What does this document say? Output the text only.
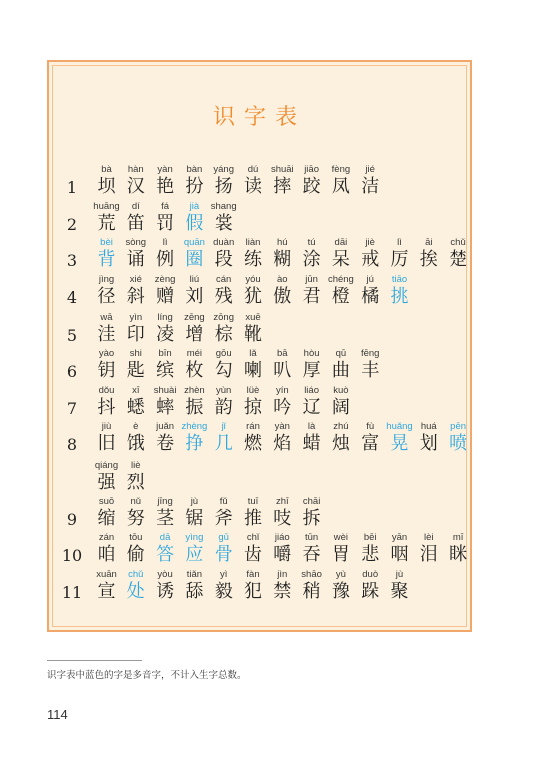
识字表
1
bà
坝
hàn
汉
yàn
艳
bàn
扮
yáng
扬
dú
读
shuāi
摔
jiāo
跤
fèng
凤
jié
洁
2
huāng
荒
dí
笛
fá
罚
jià
假
shang
裳
3
bèi
背
sòng
诵
lì
例
quān
圈
duàn
段
liàn
练
hú
糊
tú
涂
dāi
呆
jiè
戒
lì
厉
āi
挨
chǔ
楚
4
jìng
径
xié
斜
zèng
赠
liú
刘
cán
残
yóu
犹
ào
傲
jūn
君
chéng
橙
jú
橘
tiāo
挑
5
wā
洼
yìn
印
líng
凌
zēng
增
zōng
棕
xuē
靴
6
yào
钥
shi
匙
bīn
缤
méi
枚
gōu
勾
lǎ
喇
bā
叭
hòu
厚
qū
曲
fēng
丰
7
dǒu
抖
xī
蟋
shuài
蟀
zhèn
振
yùn
韵
lüè
掠
yín
吟
liáo
辽
kuò
阔
8
jiù
旧
è
饿
juǎn
卷
zhèng
挣
jǐ
几
rán
燃
yàn
焰
là
蜡
zhú
烛
fù
富
huǎng
晃
huá
划
pēn
喷
qiáng
强
liè
烈
9
suō
缩
nǔ
努
jīng
茎
jù
锯
fǔ
斧
tuī
推
zhī
吱
chāi
拆
10
zán
咱
tōu
偷
dā
答
yìng
应
gū
骨
chǐ
齿
jiáo
嚼
tūn
吞
wèi
胃
bēi
悲
yān
咽
lèi
泪
mī
眯
11
xuān
宣
chǔ
处
yòu
诱
tiǎn
舔
yì
毅
fàn
犯
jìn
禁
shāo
稍
yù
豫
duò
跺
jù
聚
识字表中蓝色的字是多音字，不计入生字总数。
114
